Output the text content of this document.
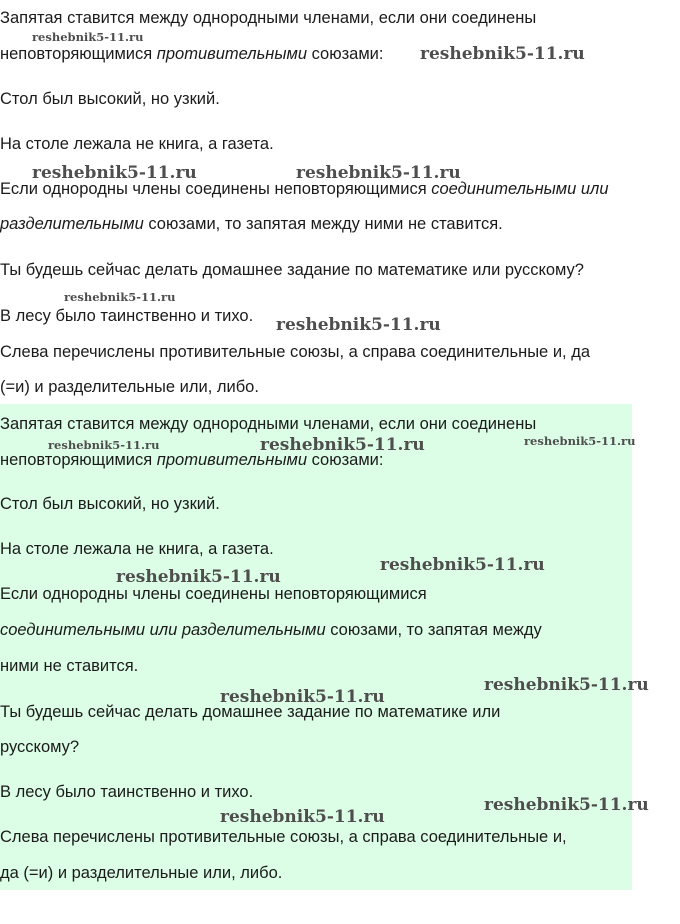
Запятая ставится между однородными членами, если они соединены
неповторяющимися противительными союзами:
Стол был высокий, но узкий.
На столе лежала не книга, а газета.
Если однородны члены соединены неповторяющимися соединительными или
разделительными союзами, то запятая между ними не ставится.
Ты будешь сейчас делать домашнее задание по математике или русскому?
В лесу было таинственно и тихо.
Слева перечислены противительные союзы, а справа соединительные и, да
(=и) и разделительные или, либо.
Запятая ставится между однородными членами, если они соединены
неповторяющимися противительными союзами:
Стол был высокий, но узкий.
На столе лежала не книга, а газета.
Если однородны члены соединены неповторяющимися
соединительными или разделительными союзами, то запятая между
ними не ставится.
Ты будешь сейчас делать домашнее задание по математике или
русскому?
В лесу было таинственно и тихо.
Слева перечислены противительные союзы, а справа соединительные и,
да (=и) и разделительные или, либо.
reshebnik5-11.ru
reshebnik5-11.ru
reshebnik5-11.ru	reshebnik5-11.ru
reshebnik5-11.ru
reshebnik5-11.ru
reshebnik5-11.ru	reshebnik5-11.ru	reshebnik5-11.ru
reshebnik5-11.ru
reshebnik5-11.ru
reshebnik5-11.ru
reshebnik5-11.ru
reshebnik5-11.ru
reshebnik5-11.ru
